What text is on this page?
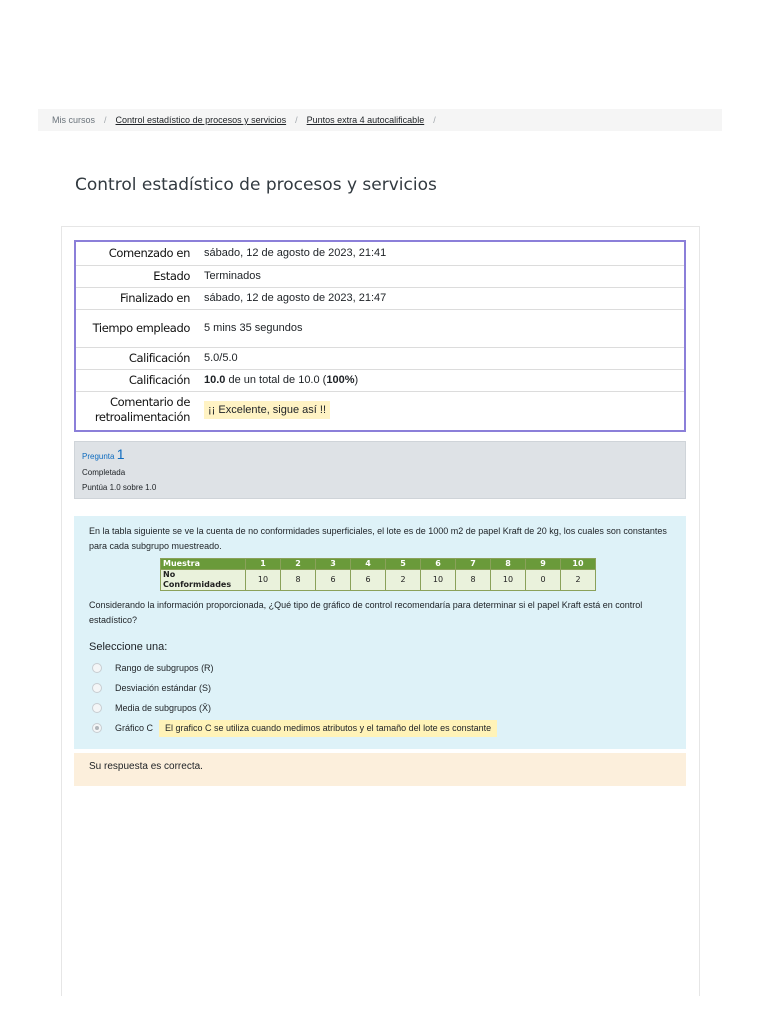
Mis cursos / Control estadístico de procesos y servicios / Puntos extra 4 autocalificable /
Control estadístico de procesos y servicios
Comenzado en	sábado, 12 de agosto de 2023, 21:41
Estado	Terminados
Finalizado en	sábado, 12 de agosto de 2023, 21:47
Tiempo empleado	5 mins 35 segundos
Calificación	5.0/5.0
Calificación	10.0 de un total de 10.0 (100%)
Comentario de retroalimentación	¡¡ Excelente, sigue así !!
Pregunta 1
Completada
Puntúa 1.0 sobre 1.0

En la tabla siguiente se ve la cuenta de no conformidades superficiales, el lote es de 1000 m2 de papel Kraft de 20 kg, los cuales son constantes para cada subgrupo muestreado.

Muestra	1	2	3	4	5	6	7	8	9	10
No Conformidades	10	8	6	6	2	10	8	10	0	2

Considerando la información proporcionada, ¿Qué tipo de gráfico de control recomendaría para determinar si el papel Kraft está en control estadístico?

Seleccione una:
Rango de subgrupos (R)
Desviación estándar (S)
Media de subgrupos (X̄)
Gráfico C	El grafico C se utiliza cuando medimos atributos y el tamaño del lote es constante
Su respuesta es correcta.
